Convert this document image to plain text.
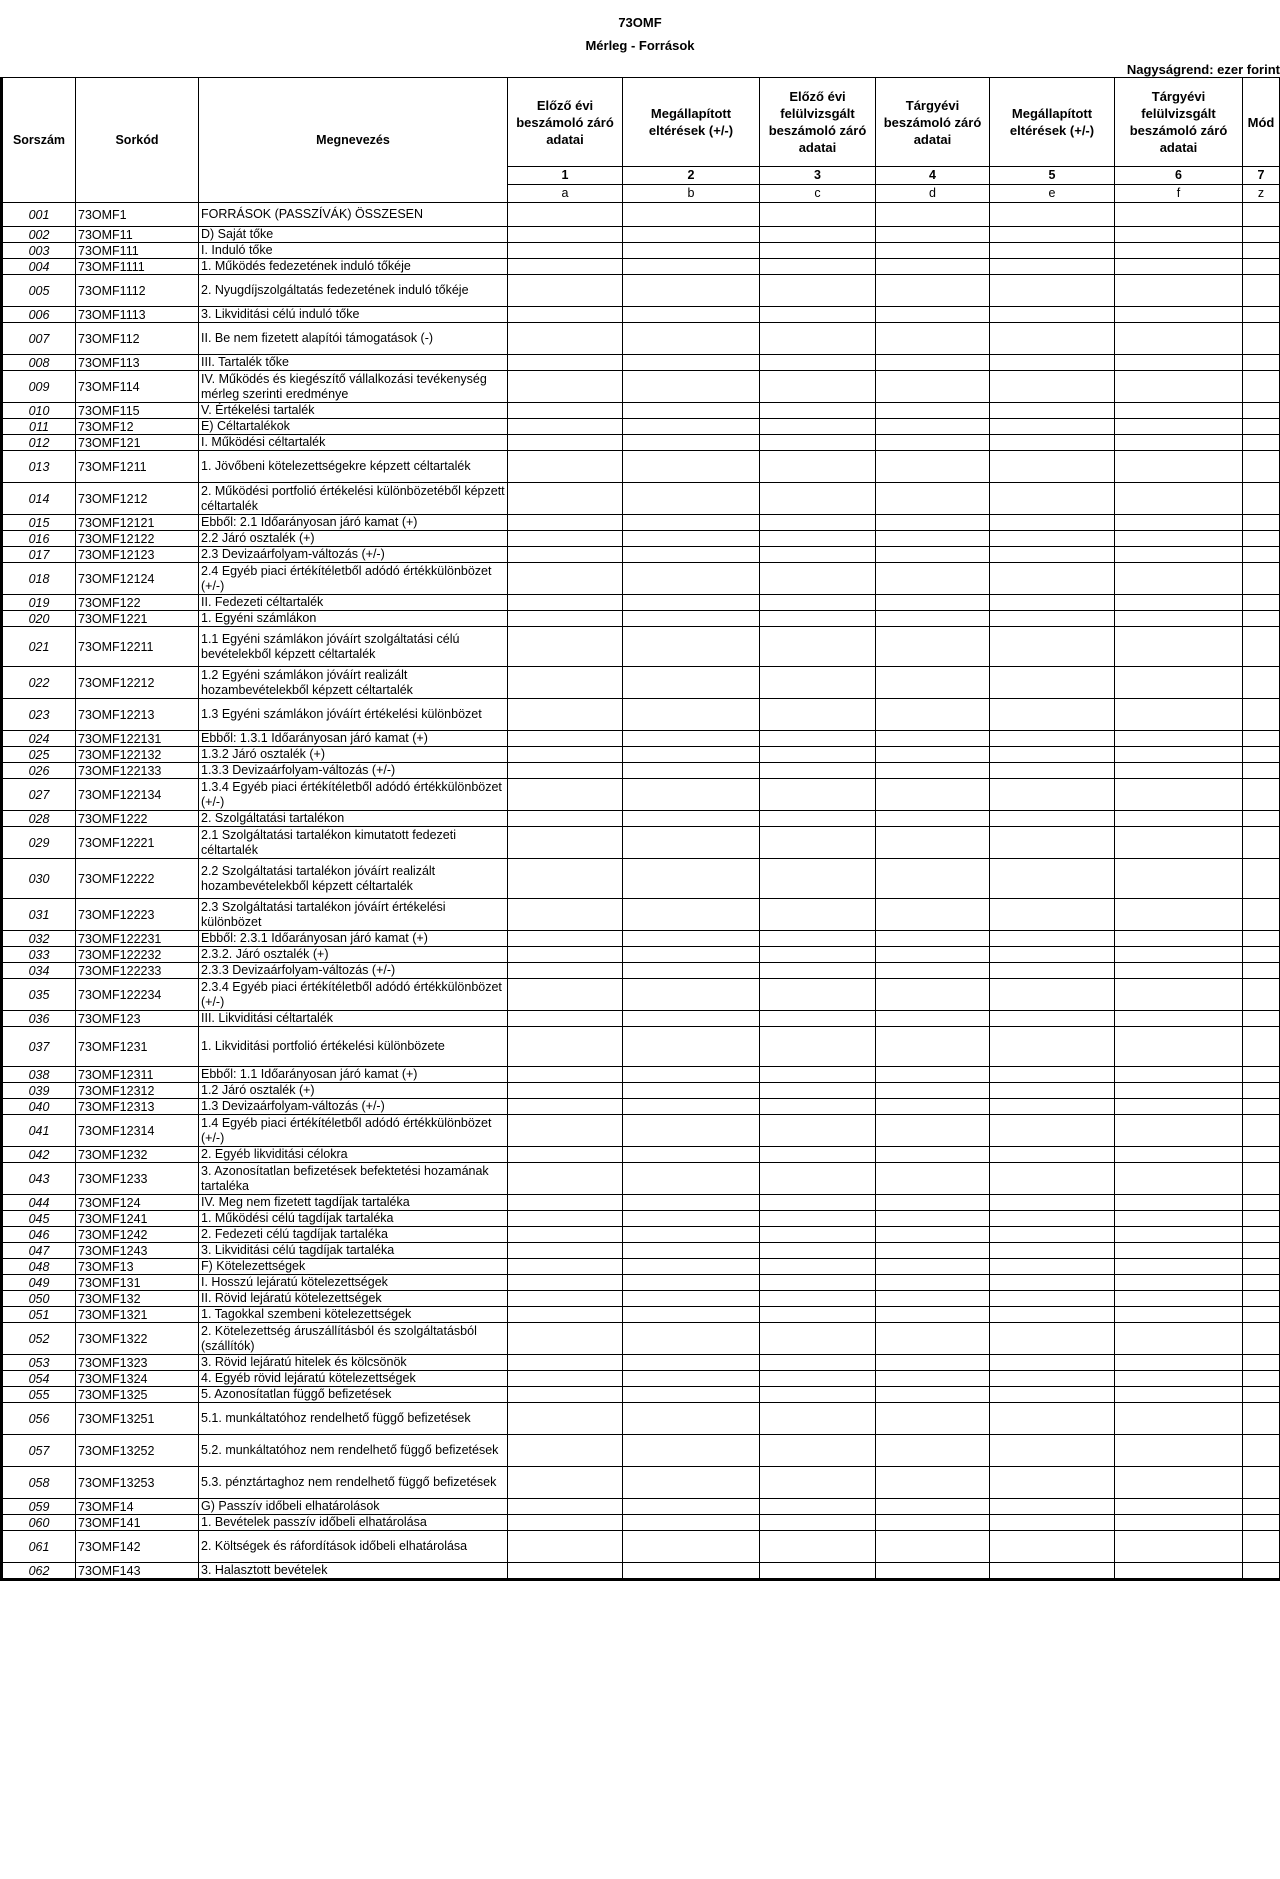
73OMF
Mérleg - Források
Nagyságrend: ezer forint
Sorszám	Sorkód	Megnevezés	Előző évi beszámoló záró adatai	Megállapított eltérések (+/-)	Előző évi felülvizsgált beszámoló záró adatai	Tárgyévi beszámoló záró adatai	Megállapított eltérések (+/-)	Tárgyévi felülvizsgált beszámoló záró adatai	Mód
			1	2	3	4	5	6	7
			a	b	c	d	e	f	z
001	73OMF1	FORRÁSOK (PASSZÍVÁK) ÖSSZESEN							
002	73OMF11	D) Saját tőke							
003	73OMF111	I. Induló tőke							
004	73OMF1111	1. Működés fedezetének induló tőkéje							
005	73OMF1112	2. Nyugdíjszolgáltatás fedezetének induló tőkéje							
006	73OMF1113	3. Likviditási célú induló tőke							
007	73OMF112	II. Be nem fizetett alapítói támogatások (-)							
008	73OMF113	III. Tartalék tőke							
009	73OMF114	IV. Működés és kiegészítő vállalkozási tevékenység mérleg szerinti eredménye							
010	73OMF115	V. Értékelési tartalék							
011	73OMF12	E) Céltartalékok							
012	73OMF121	I. Működési céltartalék							
013	73OMF1211	1. Jövőbeni kötelezettségekre képzett céltartalék							
014	73OMF1212	2. Működési portfolió értékelési különbözetéből képzett céltartalék							
015	73OMF12121	Ebből: 2.1 Időarányosan járó kamat (+)							
016	73OMF12122	2.2 Járó osztalék (+)							
017	73OMF12123	2.3 Devizaárfolyam-változás (+/-)							
018	73OMF12124	2.4 Egyéb piaci értékítéletből adódó értékkülönbözet (+/-)							
019	73OMF122	II. Fedezeti céltartalék							
020	73OMF1221	1. Egyéni számlákon							
021	73OMF12211	1.1 Egyéni számlákon jóváírt szolgáltatási célú bevételekből képzett céltartalék							
022	73OMF12212	1.2 Egyéni számlákon jóváírt realizált hozambevételekből képzett céltartalék							
023	73OMF12213	1.3 Egyéni számlákon jóváírt értékelési különbözet							
024	73OMF122131	Ebből: 1.3.1 Időarányosan járó kamat (+)							
025	73OMF122132	1.3.2 Járó osztalék (+)							
026	73OMF122133	1.3.3 Devizaárfolyam-változás (+/-)							
027	73OMF122134	1.3.4 Egyéb piaci értékítéletből adódó értékkülönbözet (+/-)							
028	73OMF1222	2. Szolgáltatási tartalékon							
029	73OMF12221	2.1 Szolgáltatási tartalékon kimutatott fedezeti céltartalék							
030	73OMF12222	2.2 Szolgáltatási tartalékon jóváírt realizált hozambevételekből képzett céltartalék							
031	73OMF12223	2.3 Szolgáltatási tartalékon jóváírt értékelési különbözet							
032	73OMF122231	Ebből: 2.3.1 Időarányosan járó kamat (+)							
033	73OMF122232	2.3.2. Járó osztalék (+)							
034	73OMF122233	2.3.3 Devizaárfolyam-változás (+/-)							
035	73OMF122234	2.3.4 Egyéb piaci értékítéletből adódó értékkülönbözet (+/-)							
036	73OMF123	III. Likviditási céltartalék							
037	73OMF1231	1. Likviditási portfolió értékelési különbözete							
038	73OMF12311	Ebből: 1.1 Időarányosan járó kamat (+)							
039	73OMF12312	1.2 Járó osztalék (+)							
040	73OMF12313	1.3 Devizaárfolyam-változás (+/-)							
041	73OMF12314	1.4 Egyéb piaci értékítéletből adódó értékkülönbözet (+/-)							
042	73OMF1232	2. Egyéb likviditási célokra							
043	73OMF1233	3. Azonosítatlan befizetések befektetési hozamának tartaléka							
044	73OMF124	IV. Meg nem fizetett tagdíjak tartaléka							
045	73OMF1241	1. Működési célú tagdíjak tartaléka							
046	73OMF1242	2. Fedezeti célú tagdíjak tartaléka							
047	73OMF1243	3. Likviditási célú tagdíjak tartaléka							
048	73OMF13	F) Kötelezettségek							
049	73OMF131	I. Hosszú lejáratú kötelezettségek							
050	73OMF132	II. Rövid lejáratú kötelezettségek							
051	73OMF1321	1. Tagokkal szembeni kötelezettségek							
052	73OMF1322	2. Kötelezettség áruszállításból és szolgáltatásból (szállítók)							
053	73OMF1323	3. Rövid lejáratú hitelek és kölcsönök							
054	73OMF1324	4. Egyéb rövid lejáratú kötelezettségek							
055	73OMF1325	5. Azonosítatlan függő befizetések							
056	73OMF13251	5.1. munkáltatóhoz rendelhető függő befizetések							
057	73OMF13252	5.2. munkáltatóhoz nem rendelhető függő befizetések							
058	73OMF13253	5.3. pénztártaghoz nem rendelhető függő befizetések							
059	73OMF14	G) Passzív időbeli elhatárolások							
060	73OMF141	1. Bevételek passzív időbeli elhatárolása							
061	73OMF142	2. Költségek és ráfordítások időbeli elhatárolása							
062	73OMF143	3. Halasztott bevételek							
